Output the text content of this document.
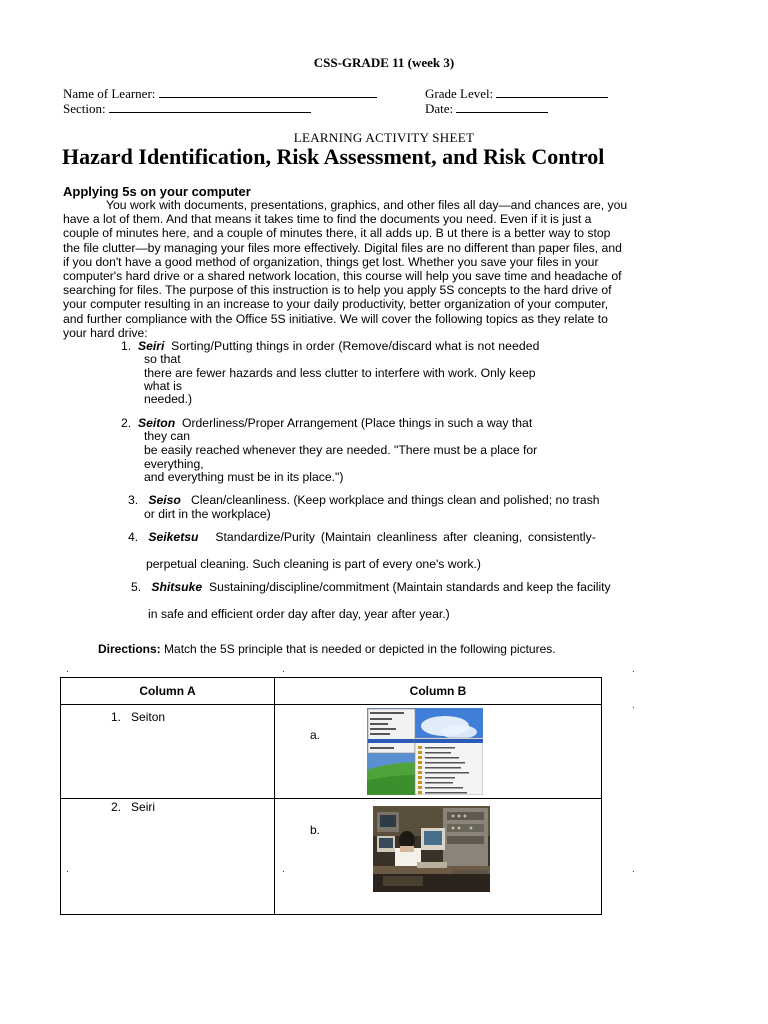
CSS-GRADE 11 (week 3)
Name of Learner:
Section:
Grade Level:
Date:
LEARNING ACTIVITY SHEET
Hazard Identification, Risk Assessment, and Risk Control
Applying 5s on your computer
You work with documents, presentations, graphics, and other files all day—and chances are, you
have a lot of them. And that means it takes time to find the documents you need. Even if it is just a
couple of minutes here, and a couple of minutes there, it all adds up. B ut there is a better way to stop
the file clutter—by managing your files more effectively. Digital files are no different than paper files, and
if you don't have a good method of organization, things get lost. Whether you save your files in your
computer's hard drive or a shared network location, this course will help you save time and headache of
searching for files. The purpose of this instruction is to help you apply 5S concepts to the hard drive of
your computer resulting in an increase to your daily productivity, better organization of your computer,
and further compliance with the Office 5S initiative. We will cover the following topics as they relate to
your hard drive:
1. Seiri Sorting/Putting things in order (Remove/discard what is not needed
so that
there are fewer hazards and less clutter to interfere with work. Only keep
what is
needed.)
2. Seiton Orderliness/Proper Arrangement (Place things in such a way that
they can
be easily reached whenever they are needed. "There must be a place for
everything,
and everything must be in its place.")
3. Seiso Clean/cleanliness. (Keep workplace and things clean and polished; no trash
or dirt in the workplace)
4. Seiketsu Standardize/Purity (Maintain cleanliness after cleaning, consistently-
perpetual cleaning. Such cleaning is part of every one's work.)
5. Shitsuke Sustaining/discipline/commitment (Maintain standards and keep the facility
in safe and efficient order day after day, year after year.)
Directions: Match the 5S principle that is needed or depicted in the following pictures.
.	.	.
.
.	.	.
Column A	Column B

1. Seiton	a.

2. Seiri	b.
